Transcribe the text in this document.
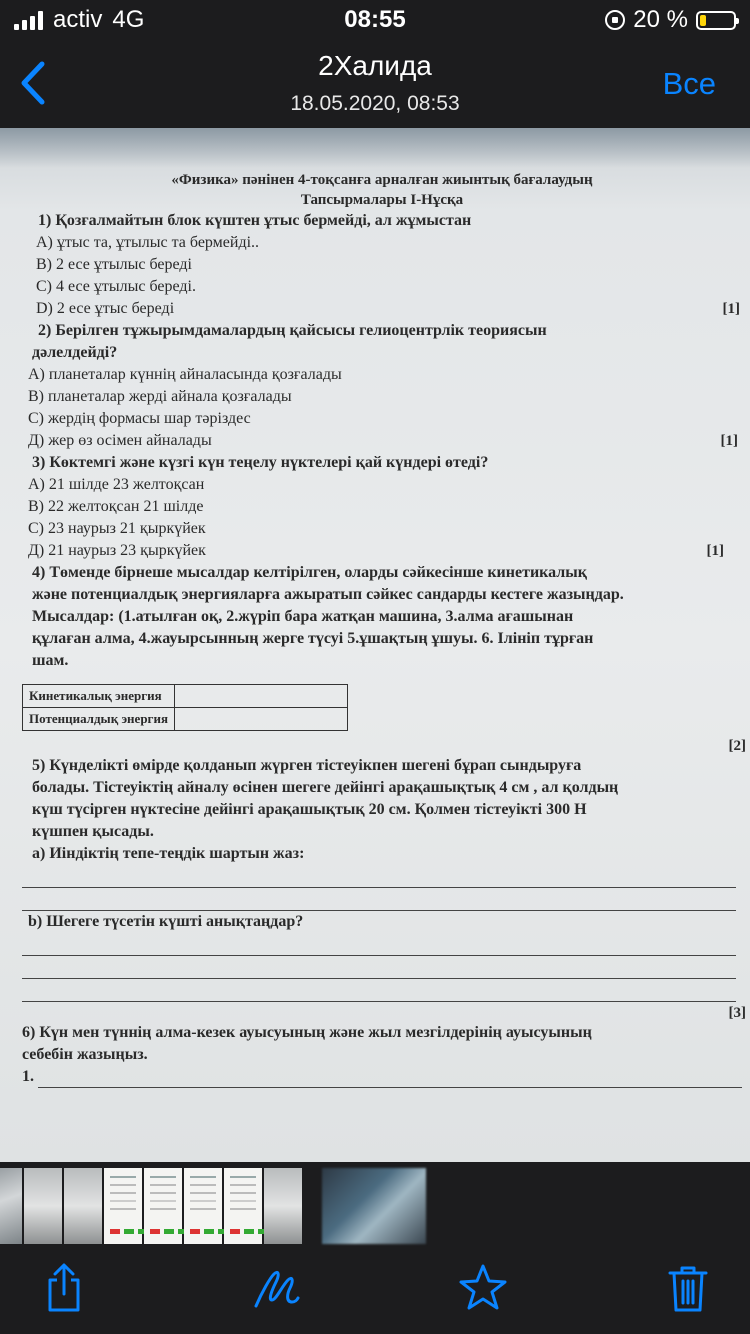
activ 4G	08:55	20 %
2Халида
18.05.2020, 08:53
Все
«Физика» пәнінен 4-тоқсанға арналған жиынтық бағалаудың
Тапсырмалары І-Нұсқа
1) Қозғалмайтын блок күштен ұтыс бермейді, ал жұмыстан
А) ұтыс та, ұтылыс та бермейді..
В) 2 есе ұтылыс береді
С) 4 есе ұтылыс береді.
D) 2 есе ұтыс береді	[1]
2) Берілген тұжырымдамалардың қайсысы гелиоцентрлік теориясын
дәлелдейді?
А) планеталар күннің айналасында қозғалады
В) планеталар жерді айнала қозғалады
С) жердің формасы шар тәріздес
Д) жер өз осімен айналады	[1]
3) Көктемгі және күзгі күн теңелу нүктелері қай күндері өтеді?
А) 21 шілде 23 желтоқсан
В) 22 желтоқсан 21 шілде
С) 23 наурыз 21 қыркүйек
Д) 21 наурыз 23 қыркүйек	[1]
4) Төменде бірнеше мысалдар келтірілген, оларды сәйкесінше кинетикалық
және потенциалдық энергияларға ажыратып сәйкес сандарды кестеге жазыңдар.
Мысалдар: (1.атылған оқ, 2.жүріп бара жатқан машина, 3.алма ағашынан
құлаған алма, 4.жауырсынның жерге түсуі 5.ұшақтың ұшуы. 6. Ілініп тұрған
шам.
Кинетикалық энергия	
Потенциалдық энергия	
[2]
5) Күнделікті өмірде қолданып жүрген тістеуікпен шегені бұрап сындыруға
болады. Тістеуіктің айналу өсінен шегеге дейінгі арақашықтық 4 см , ал қолдың
күш түсірген нүктесіне дейінгі арақашықтық 20 см. Қолмен тістеуікті 300 Н
күшпен қысады.
а) Иіндіктің тепе-теңдік шартын жаз:
b) Шегеге түсетін күшті анықтаңдар?
[3]
6) Күн мен түннің алма-кезек ауысуының және жыл мезгілдерінің ауысуының
себебін жазыңыз.
1.
